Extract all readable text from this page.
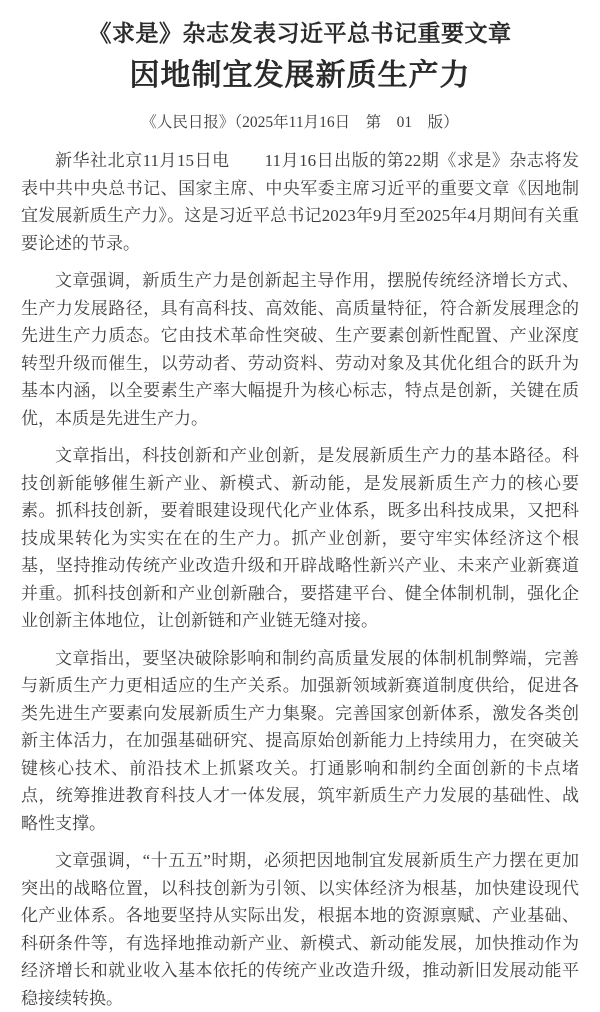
《求是》杂志发表习近平总书记重要文章
因地制宜发展新质生产力
《人民日报》（2025年11月16日　第　01　版）

新华社北京11月15日电　　11月16日出版的第22期《求是》杂志将发表中共中央总书记、国家主席、中央军委主席习近平的重要文章《因地制宜发展新质生产力》。这是习近平总书记2023年9月至2025年4月期间有关重要论述的节录。

文章强调，新质生产力是创新起主导作用，摆脱传统经济增长方式、生产力发展路径，具有高科技、高效能、高质量特征，符合新发展理念的先进生产力质态。它由技术革命性突破、生产要素创新性配置、产业深度转型升级而催生，以劳动者、劳动资料、劳动对象及其优化组合的跃升为基本内涵，以全要素生产率大幅提升为核心标志，特点是创新，关键在质优，本质是先进生产力。

文章指出，科技创新和产业创新，是发展新质生产力的基本路径。科技创新能够催生新产业、新模式、新动能，是发展新质生产力的核心要素。抓科技创新，要着眼建设现代化产业体系，既多出科技成果，又把科技成果转化为实实在在的生产力。抓产业创新，要守牢实体经济这个根基，坚持推动传统产业改造升级和开辟战略性新兴产业、未来产业新赛道并重。抓科技创新和产业创新融合，要搭建平台、健全体制机制，强化企业创新主体地位，让创新链和产业链无缝对接。

文章指出，要坚决破除影响和制约高质量发展的体制机制弊端，完善与新质生产力更相适应的生产关系。加强新领域新赛道制度供给，促进各类先进生产要素向发展新质生产力集聚。完善国家创新体系，激发各类创新主体活力，在加强基础研究、提高原始创新能力上持续用力，在突破关键核心技术、前沿技术上抓紧攻关。打通影响和制约全面创新的卡点堵点，统筹推进教育科技人才一体发展，筑牢新质生产力发展的基础性、战略性支撑。

文章强调，“十五五”时期，必须把因地制宜发展新质生产力摆在更加突出的战略位置，以科技创新为引领、以实体经济为根基，加快建设现代化产业体系。各地要坚持从实际出发，根据本地的资源禀赋、产业基础、科研条件等，有选择地推动新产业、新模式、新动能发展，加快推动作为经济增长和就业收入基本依托的传统产业改造升级，推动新旧发展动能平稳接续转换。
